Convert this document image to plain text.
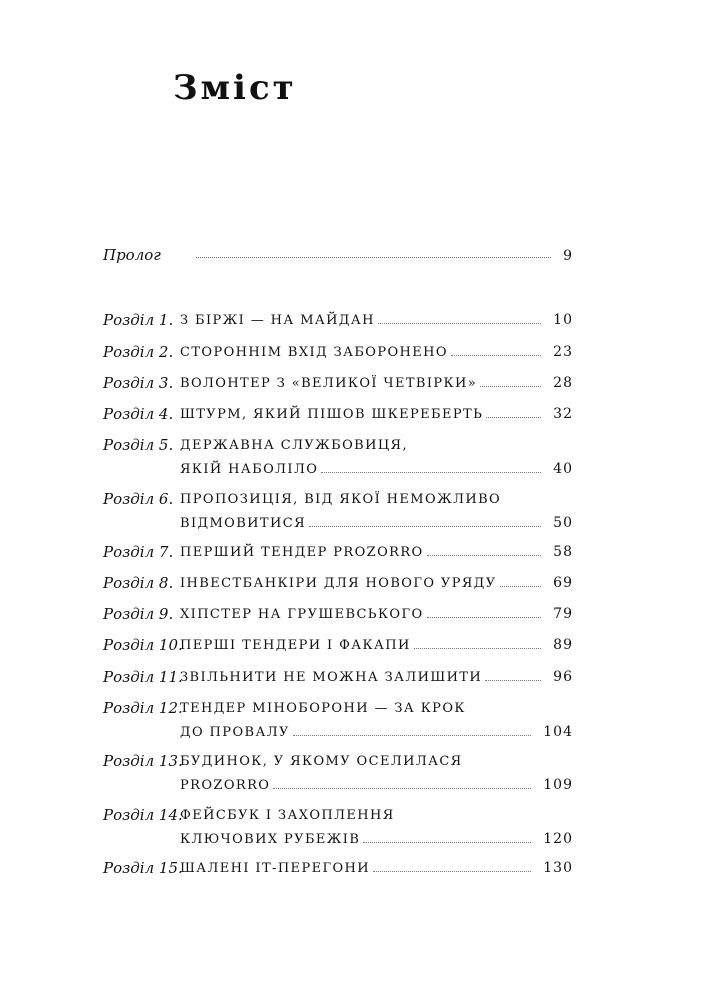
Зміст
Пролог	9
Розділ 1. З БІРЖІ — НА МАЙДАН	10
Розділ 2. СТОРОННІМ ВХІД ЗАБОРОНЕНО	23
Розділ 3. ВОЛОНТЕР З «ВЕЛИКОЇ ЧЕТВІРКИ»	28
Розділ 4. ШТУРМ, ЯКИЙ ПІШОВ ШКЕРЕБЕРТЬ	32
Розділ 5. ДЕРЖАВНА СЛУЖБОВИЦЯ,
ЯКІЙ НАБОЛІЛО	40
Розділ 6. ПРОПОЗИЦІЯ, ВІД ЯКОЇ НЕМОЖЛИВО
ВІДМОВИТИСЯ	50
Розділ 7. ПЕРШИЙ ТЕНДЕР PROZORRO	58
Розділ 8. ІНВЕСТБАНКІРИ ДЛЯ НОВОГО УРЯДУ	69
Розділ 9. ХІПСТЕР НА ГРУШЕВСЬКОГО	79
Розділ 10.
ПЕРШІ ТЕНДЕРИ І ФАКАПИ	89
Розділ 11.
ЗВІЛЬНИТИ НЕ МОЖНА ЗАЛИШИТИ	96
Розділ 12.
ТЕНДЕР МІНОБОРОНИ — ЗА КРОК
ДО ПРОВАЛУ	104
Розділ 13.
БУДИНОК, У ЯКОМУ ОСЕЛИЛАСЯ
PROZORRO	109
Розділ 14.
ФЕЙСБУК І ЗАХОПЛЕННЯ
КЛЮЧОВИХ РУБЕЖІВ	120
Розділ 15.
ШАЛЕНІ ІТ-ПЕРЕГОНИ	130
